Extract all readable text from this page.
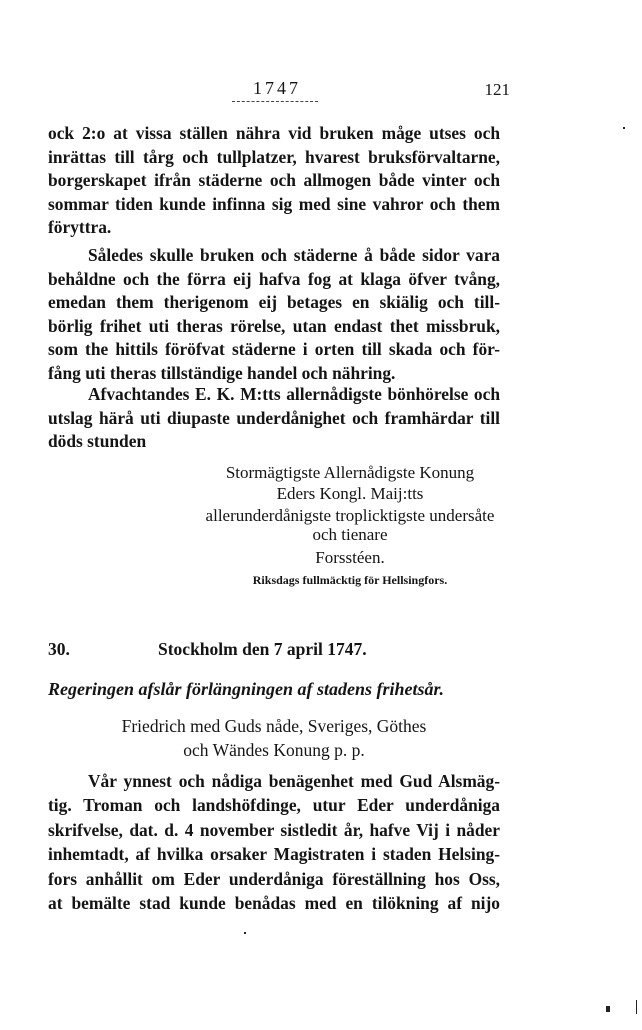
1747	121
ock 2:o at vissa ställen nähra vid bruken måge utses och
inrättas till tårg och tullplatzer, hvarest bruksförvaltarne,
borgerskapet ifrån städerne och allmogen både vinter och
sommar tiden kunde infinna sig med sine vahror och them
föryttra.
Således skulle bruken och städerne å både sidor vara
behåldne och the förra eij hafva fog at klaga öfver tvång,
emedan them therigenom eij betages en skiälig och till-
börlig frihet uti theras rörelse, utan endast thet missbruk,
som the hittils föröfvat städerne i orten till skada och för-
fång uti theras tillständige handel och nähring.
Afvachtandes E. K. M:tts allernådigste bönhörelse och
utslag härå uti diupaste underdånighet och framhärdar till
döds stunden
Stormägtigste Allernådigste Konung
Eders Kongl. Maij:tts
allerunderdånigste troplicktigste undersåte
och tienare
Forsstéen.
Riksdags fullmäcktig för Hellsingfors.
30.	Stockholm den 7 april 1747.
Regeringen afslår förlängningen af stadens frihetsår.
Friedrich med Guds nåde, Sveriges, Göthes
och Wändes Konung p. p.
Vår ynnest och nådiga benägenhet med Gud Alsmäg-
tig. Troman och landshöfdinge, utur Eder underdåniga
skrifvelse, dat. d. 4 november sistledit år, hafve Vij i nåder
inhemtadt, af hvilka orsaker Magistraten i staden Helsing-
fors anhållit om Eder underdåniga föreställning hos Oss,
at bemälte stad kunde benådas med en tilökning af nijo
